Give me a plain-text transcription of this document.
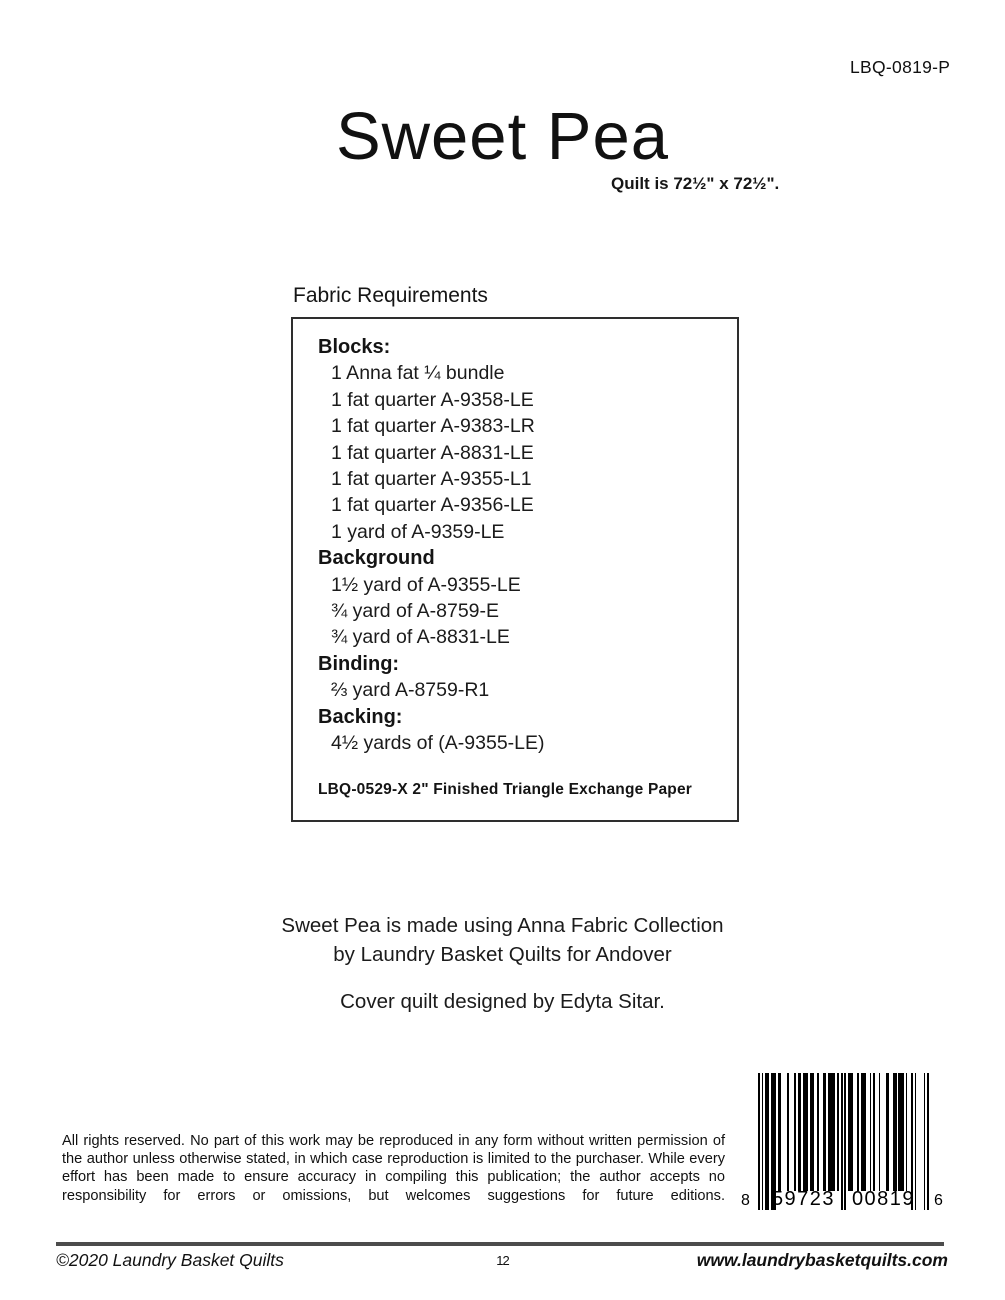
LBQ-0819-P
Sweet Pea
Quilt is 72½" x 72½".
Fabric Requirements
Blocks:
1 Anna fat ¼ bundle
1 fat quarter A-9358-LE
1 fat quarter A-9383-LR
1 fat quarter A-8831-LE
1 fat quarter A-9355-L1
1 fat quarter A-9356-LE
1 yard of A-9359-LE
Background
1½ yard of A-9355-LE
¾ yard of A-8759-E
¾ yard of A-8831-LE
Binding:
⅔ yard A-8759-R1
Backing:
4½ yards of (A-9355-LE)
LBQ-0529-X 2" Finished Triangle Exchange Paper
Sweet Pea is made using Anna Fabric Collection
by Laundry Basket Quilts for Andover
Cover quilt designed by Edyta Sitar.
All rights reserved. No part of this work may be reproduced in any form without written permission of the author unless otherwise stated, in which case reproduction is limited to the purchaser. While every effort has been made to ensure accuracy in compiling this publication; the author accepts no responsibility for errors or omissions, but welcomes suggestions for future editions. 8 59723 00819 6
©2020 Laundry Basket Quilts	12	www.laundrybasketquilts.com
